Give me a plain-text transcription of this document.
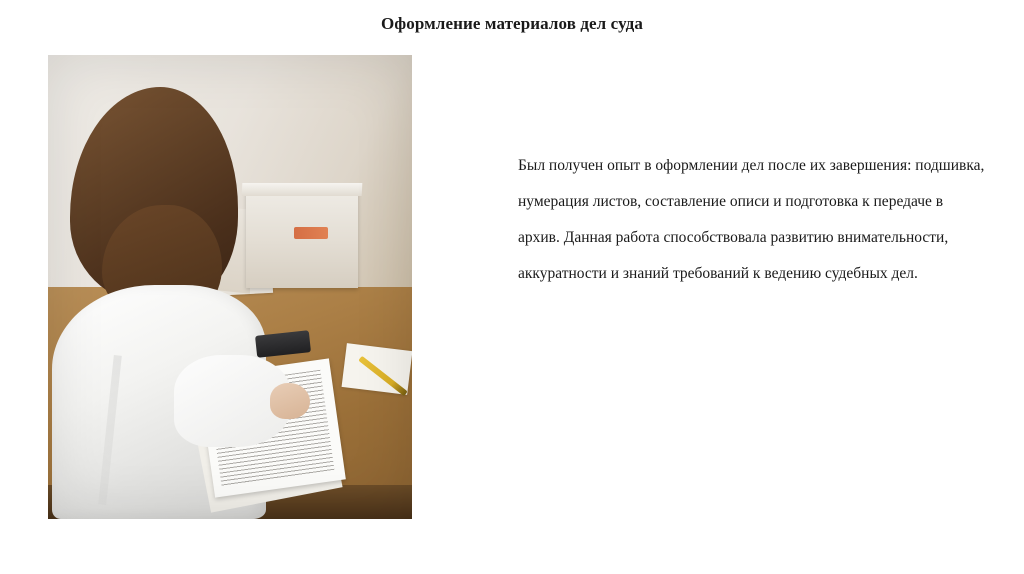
Оформление материалов дел суда

Был получен опыт в оформлении дел после их завершения: подшивка, нумерация листов, составление описи и подготовка к передаче в архив. Данная работа способствовала развитию внимательности, аккуратности и знаний требований к ведению судебных дел.
